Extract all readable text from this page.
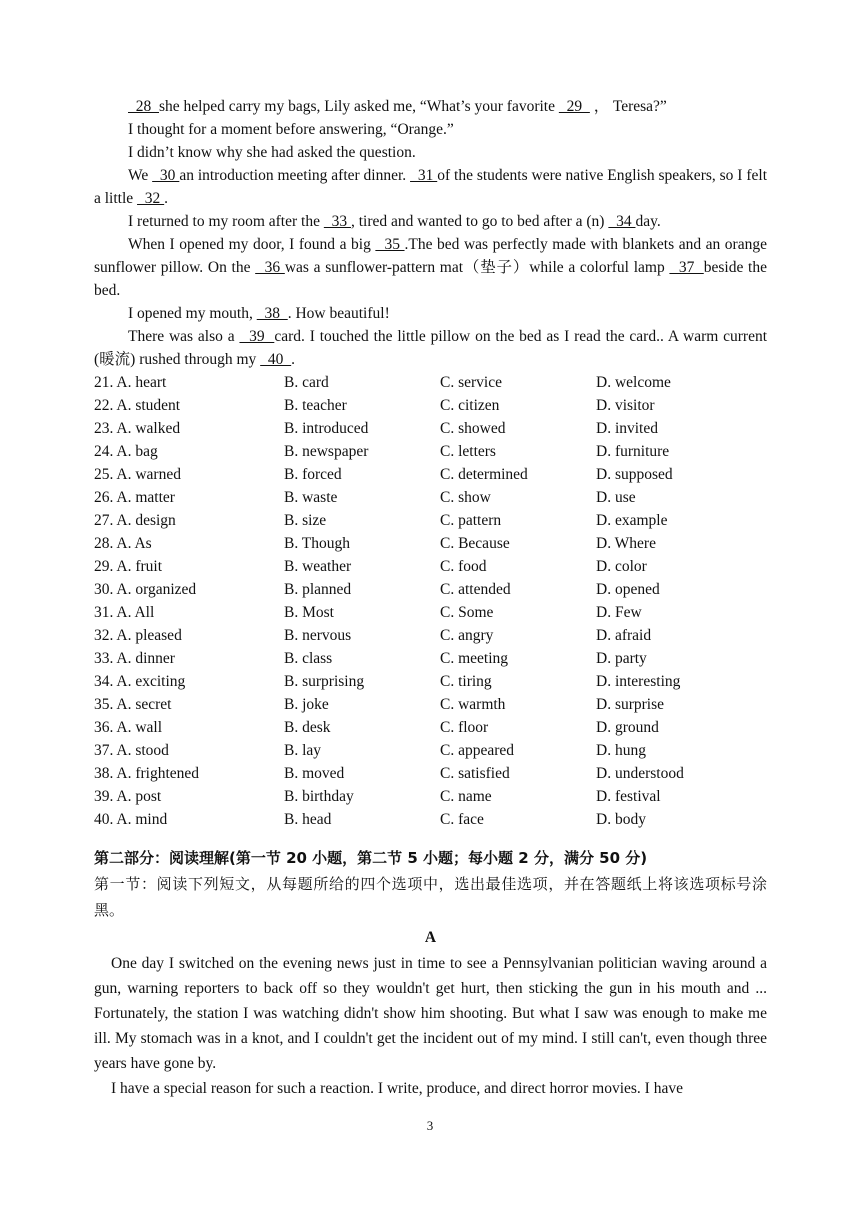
28  she helped carry my bags, Lily asked me, “What’s your favorite   29   ， Teresa?”

I thought for a moment before answering, “Orange.”

I didn’t know why she had asked the question.

We   30 an introduction meeting after dinner.   31 of the students were native English speakers, so I felt a little   32 .

I returned to my room after the   33 , tired and wanted to go to bed after a (n)   34 day.

When I opened my door, I found a big   35 .The bed was perfectly made with blankets and an orange sunflower pillow. On the   36 was a sunflower-pattern mat（垫子）while a colorful lamp   37  beside the bed.

I opened my mouth,   38  . How beautiful!

There was also a   39  card. I touched the little pillow on the bed as I read the card.. A warm current (暖流) rushed through my   40  .

21. A. heart	B. card	C. service	D. welcome
22. A. student	B. teacher	C. citizen	D. visitor
23. A. walked	B. introduced	C. showed	D. invited
24. A. bag	B. newspaper	C. letters	D. furniture
25. A. warned	B. forced	C. determined	D. supposed
26. A. matter	B. waste	C. show	D. use
27. A. design	B. size	C. pattern	D. example
28. A. As	B. Though	C. Because	D. Where
29. A. fruit	B. weather	C. food	D. color
30. A. organized	B. planned	C. attended	D. opened
31. A. All	B. Most	C. Some	D. Few
32. A. pleased	B. nervous	C. angry	D. afraid
33. A. dinner	B. class	C. meeting	D. party
34. A. exciting	B. surprising	C. tiring	D. interesting
35. A. secret	B. joke	C. warmth	D. surprise
36. A. wall	B. desk	C. floor	D. ground
37. A. stood	B. lay	C. appeared	D. hung
38. A. frightened	B. moved	C. satisfied	D. understood
39. A. post	B. birthday	C. name	D. festival
40. A. mind	B. head	C. face	D. body
第二部分：阅读理解(第一节 20 小题，第二节 5 小题；每小题 2 分，满分 50 分)

第一节：阅读下列短文，从每题所给的四个选项中，选出最佳选项，并在答题纸上将该选项标号涂黑。

A

One day I switched on the evening news just in time to see a Pennsylvanian politician waving around a gun, warning reporters to back off so they wouldn't get hurt, then sticking the gun in his mouth and ... Fortunately, the station I was watching didn't show him shooting. But what I saw was enough to make me ill. My stomach was in a knot, and I couldn't get the incident out of my mind. I still can't, even though three years have gone by.

I have a special reason for such a reaction. I write, produce, and direct horror movies. I have

3
